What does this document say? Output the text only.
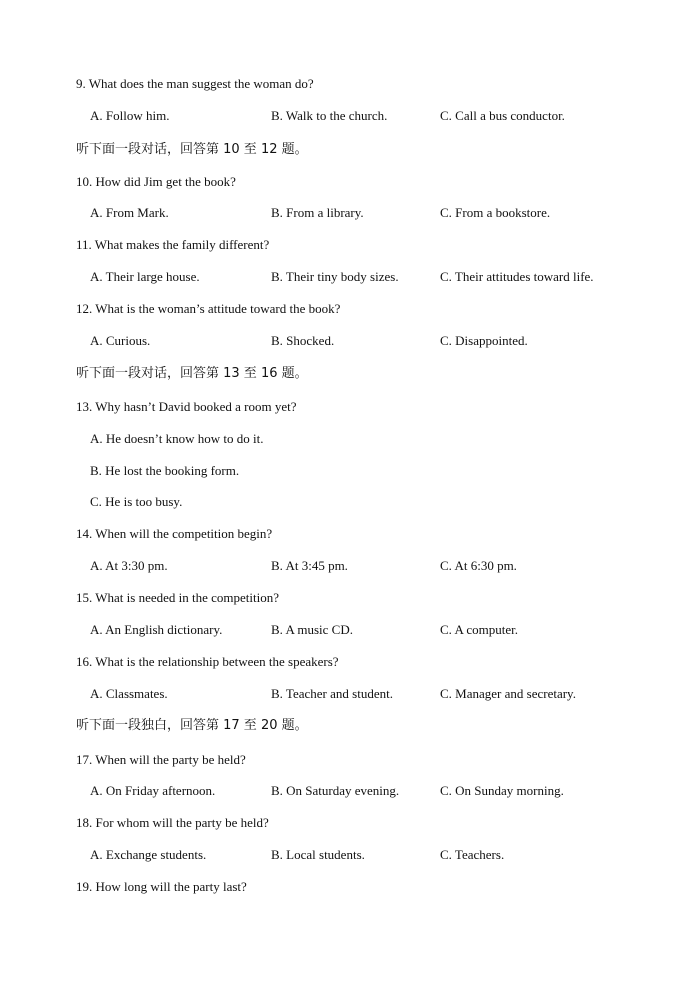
9. What does the man suggest the woman do?
A. Follow him.	B. Walk to the church.	C. Call a bus conductor.
听下面一段对话，回答第 10 至 12 题。
10. How did Jim get the book?
A. From Mark.	B. From a library.	C. From a bookstore.
11. What makes the family different?
A. Their large house.	B. Their tiny body sizes.	C. Their attitudes toward life.
12. What is the woman’s attitude toward the book?
A. Curious.	B. Shocked.	C. Disappointed.
听下面一段对话，回答第 13 至 16 题。
13. Why hasn’t David booked a room yet?
A. He doesn’t know how to do it.
B. He lost the booking form.
C. He is too busy.
14. When will the competition begin?
A. At 3:30 pm.	B. At 3:45 pm.	C. At 6:30 pm.
15. What is needed in the competition?
A. An English dictionary.	B. A music CD.	C. A computer.
16. What is the relationship between the speakers?
A. Classmates.	B. Teacher and student.	C. Manager and secretary.
听下面一段独白，回答第 17 至 20 题。
17. When will the party be held?
A. On Friday afternoon.	B. On Saturday evening.	C. On Sunday morning.
18. For whom will the party be held?
A. Exchange students.	B. Local students.	C. Teachers.
19. How long will the party last?
